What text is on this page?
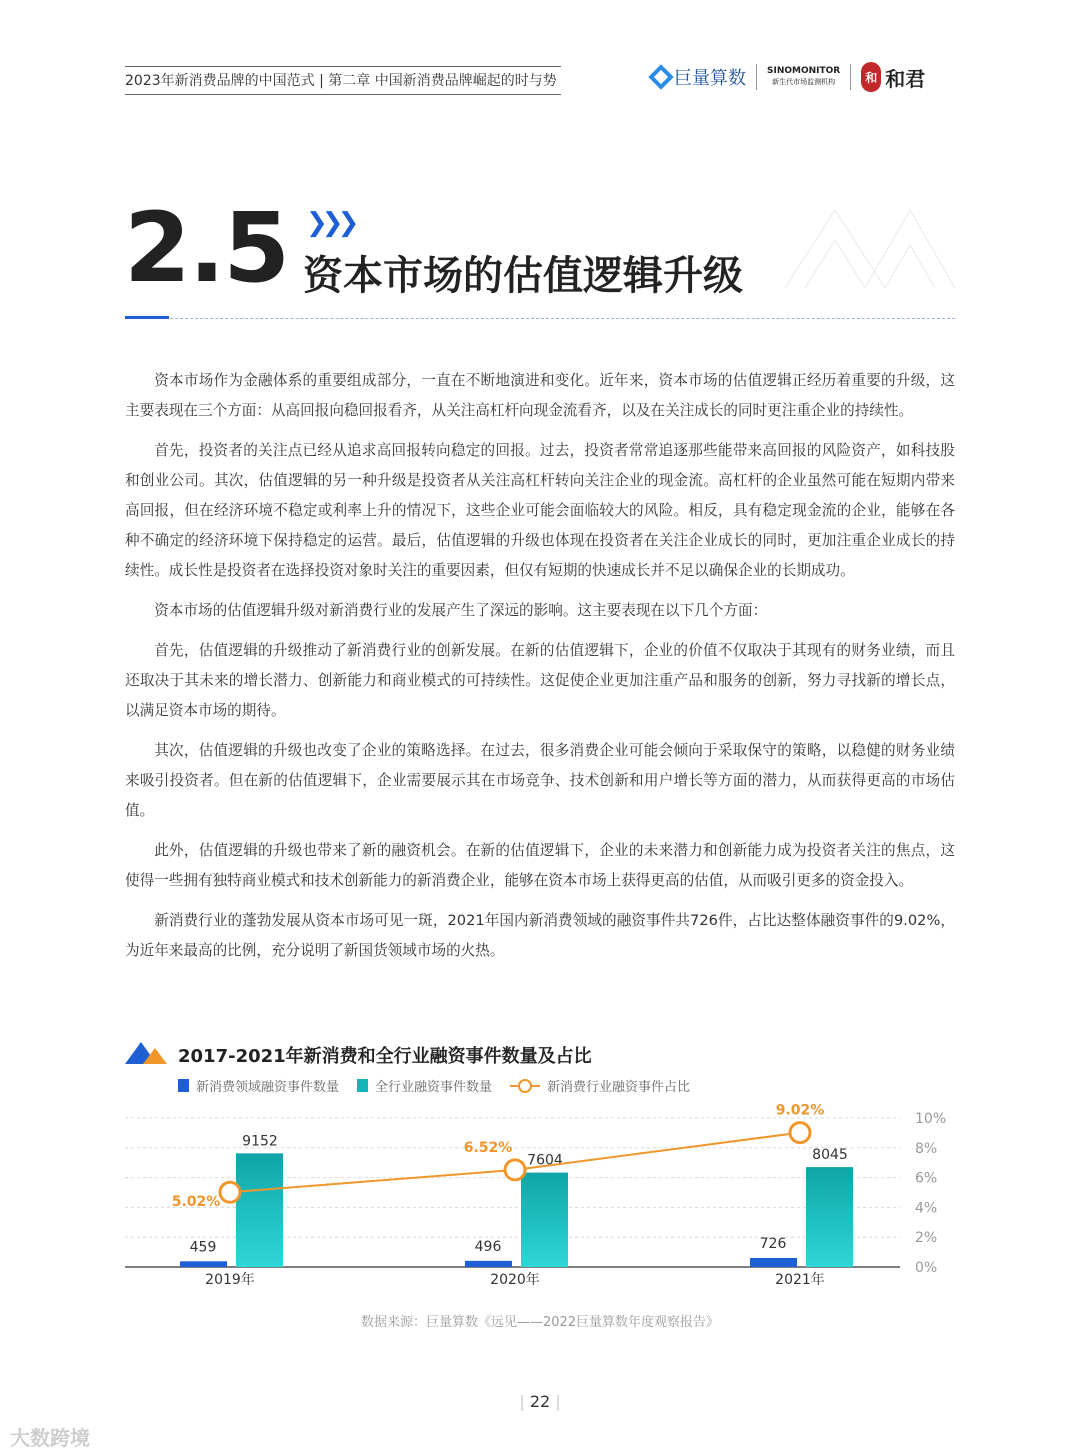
2023年新消费品牌的中国范式 | 第二章 中国新消费品牌崛起的时与势	巨量算数 SINOMONITOR
新生代市场监测机构	和 和君
2.5 ❯❯❯
资本市场的估值逻辑升级

资本市场作为金融体系的重要组成部分，一直在不断地演进和变化。近年来，资本市场的估值逻辑正经历着重要的升级，这主要表现在三个方面：从高回报向稳回报看齐，从关注高杠杆向现金流看齐，以及在关注成长的同时更注重企业的持续性。

首先，投资者的关注点已经从追求高回报转向稳定的回报。过去，投资者常常追逐那些能带来高回报的风险资产，如科技股和创业公司。其次，估值逻辑的另一种升级是投资者从关注高杠杆转向关注企业的现金流。高杠杆的企业虽然可能在短期内带来高回报，但在经济环境不稳定或利率上升的情况下，这些企业可能会面临较大的风险。相反，具有稳定现金流的企业，能够在各种不确定的经济环境下保持稳定的运营。最后，估值逻辑的升级也体现在投资者在关注企业成长的同时，更加注重企业成长的持续性。成长性是投资者在选择投资对象时关注的重要因素，但仅有短期的快速成长并不足以确保企业的长期成功。

资本市场的估值逻辑升级对新消费行业的发展产生了深远的影响。这主要表现在以下几个方面：

首先，估值逻辑的升级推动了新消费行业的创新发展。在新的估值逻辑下，企业的价值不仅取决于其现有的财务业绩，而且还取决于其未来的增长潜力、创新能力和商业模式的可持续性。这促使企业更加注重产品和服务的创新，努力寻找新的增长点，以满足资本市场的期待。

其次，估值逻辑的升级也改变了企业的策略选择。在过去，很多消费企业可能会倾向于采取保守的策略，以稳健的财务业绩来吸引投资者。但在新的估值逻辑下，企业需要展示其在市场竞争、技术创新和用户增长等方面的潜力，从而获得更高的市场估值。

此外，估值逻辑的升级也带来了新的融资机会。在新的估值逻辑下，企业的未来潜力和创新能力成为投资者关注的焦点，这使得一些拥有独特商业模式和技术创新能力的新消费企业，能够在资本市场上获得更高的估值，从而吸引更多的资金投入。

新消费行业的蓬勃发展从资本市场可见一斑，2021年国内新消费领域的融资事件共726件，占比达整体融资事件的9.02%，为近年来最高的比例，充分说明了新国货领域市场的火热。

2017-2021年新消费和全行业融资事件数量及占比
新消费领域融资事件数量	全行业融资事件数量	新消费行业融资事件占比
0%
2%
4%
6%
8%
10%
459
9152
2019年
496
7604
2020年
726
8045
2021年
5.02%
6.52%
9.02%
数据来源：巨量算数《远见——2022巨量算数年度观察报告》
| 22 |
大数跨境
